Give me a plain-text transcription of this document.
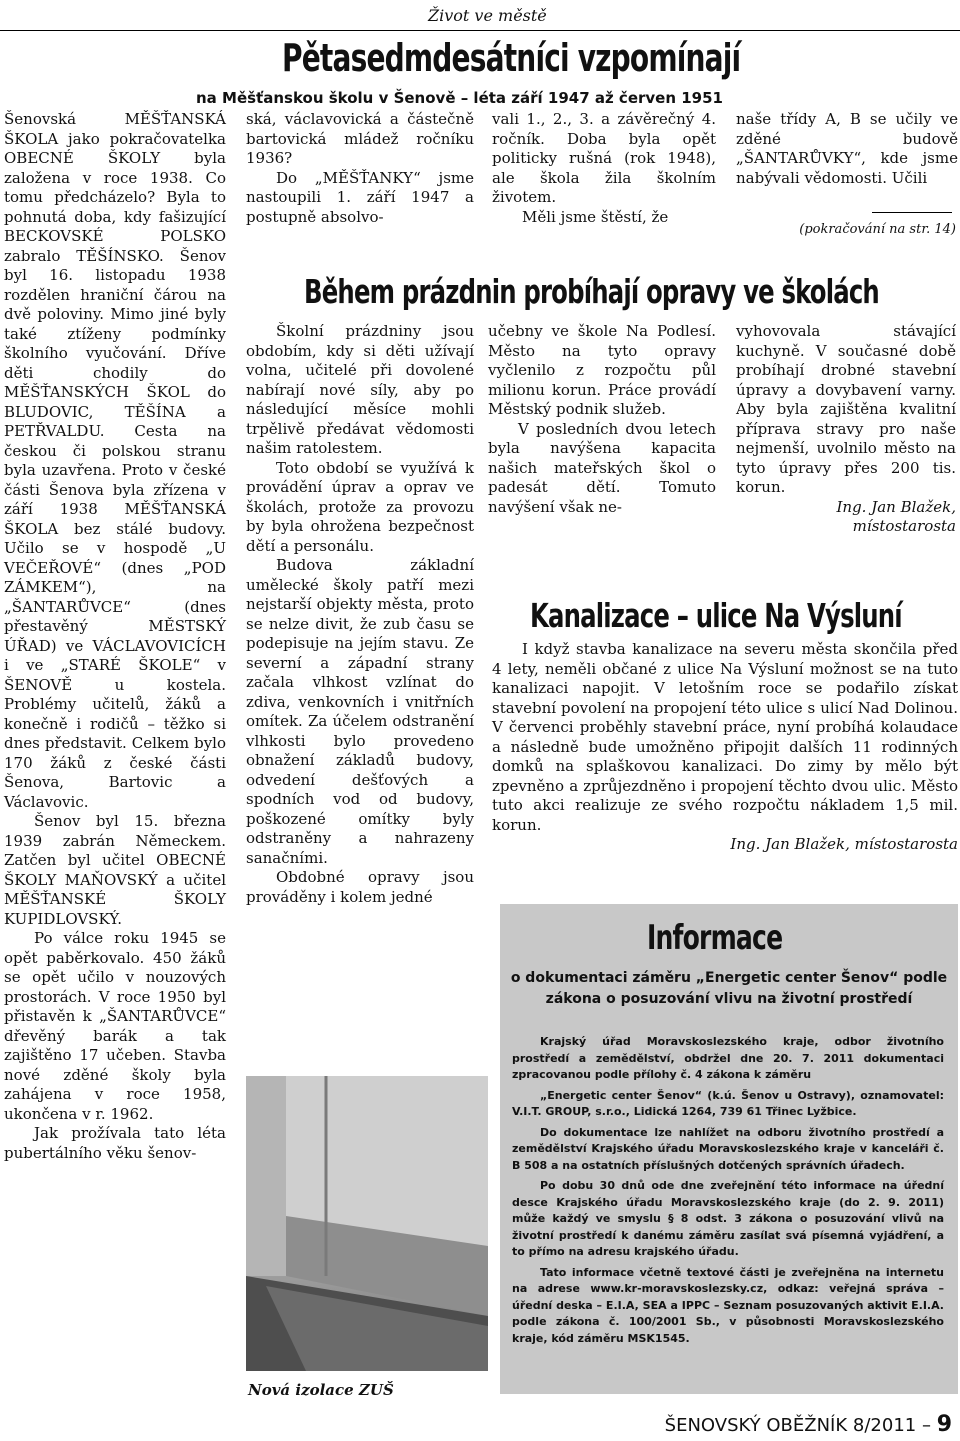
Život ve městě
Pětasedmdesátníci vzpomínají
na Měšťanskou školu v Šenově – léta září 1947 až červen 1951

Šenovská MĚŠŤANSKÁ ŠKOLA jako pokračovatelka OBECNÉ ŠKOLY byla založena v roce 1938. Co tomu předcházelo? Byla to pohnutá doba, kdy fašizující BECKOVSKÉ POLSKO zabralo TĚŠÍNSKO. Šenov byl 16. listopadu 1938 rozdělen hraniční čárou na dvě poloviny. Mimo jiné byly také ztíženy podmínky školního vyučování. Dříve děti chodily do MĚŠŤANSKÝCH ŠKOL do BLUDOVIC, TĚŠÍNA a PETŘVALDU. Cesta na českou či polskou stranu byla uzavřena. Proto v české části Šenova byla zřízena v září 1938 MĚŠŤANSKÁ ŠKOLA bez stálé budovy. Učilo se v hospodě „U VEČEŘOVÉ“ (dnes „POD ZÁMKEM“), na „ŠANTARŮVCE“ (dnes přestavěný MĚSTSKÝ ÚŘAD) ve VÁCLAVOVICÍCH i ve „STARÉ ŠKOLE“ v ŠENOVĚ u kostela. Problémy učitelů, žáků a konečně i rodičů – těžko si dnes představit. Celkem bylo 170 žáků z české části Šenova, Bartovic a Václavovic.

Šenov byl 15. března 1939 zabrán Německem. Zatčen byl učitel OBECNÉ ŠKOLY MAŇOVSKÝ a učitel MĚŠŤANSKÉ ŠKOLY KUPIDLOVSKÝ.

Po válce roku 1945 se opět paběrkovalo. 450 žáků se opět učilo v nouzových prostorách. V roce 1950 byl přistavěn k „ŠANTARŮVCE“ dřevěný barák a tak zajištěno 17 učeben. Stavba nové zděné školy byla zahájena v roce 1958, ukončena v r. 1962.

Jak prožívala tato léta pubertálního věku šenov-

ská, václavovická a částečně bartovická mládež ročníku 1936?

Do „MĚŠŤANKY“ jsme nastoupili 1. září 1947 a postupně absolvo-

vali 1., 2., 3. a závěrečný 4. ročník. Doba byla opět politicky rušná (rok 1948), ale škola žila školním životem.

Měli jsme štěstí, že

naše třídy A, B se učily ve zděné budově „ŠANTARŮVKY“, kde jsme nabývali vědomosti. Učili

(pokračování na str. 14)
Během prázdnin probíhají opravy ve školách

Školní prázdniny jsou obdobím, kdy si děti užívají volna, učitelé při dovolené nabírají nové síly, aby po následující měsíce mohli trpělivě předávat vědomosti našim ratolestem.

Toto období se využívá k provádění úprav a oprav ve školách, protože za provozu by byla ohrožena bezpečnost dětí a personálu.

Budova základní umělecké školy patří mezi nejstarší objekty města, proto se nelze divit, že zub času se podepisuje na jejím stavu. Ze severní a západní strany začala vlhkost vzlínat do zdiva, venkovních i vnitřních omítek. Za účelem odstranění vlhkosti bylo provedeno obnažení základů budovy, odvedení dešťových a spodních vod od budovy, poškozené omítky byly odstraněny a nahrazeny sanačními.

Obdobné opravy jsou prováděny i kolem jedné

učebny ve škole Na Podlesí. Město na tyto opravy vyčlenilo z rozpočtu půl milionu korun. Práce provádí Městský podnik služeb.

V posledních dvou letech byla navýšena kapacita našich mateřských škol o padesát dětí. Tomuto navýšení však ne-

vyhovovala stávající kuchyně. V současné době probíhají drobné stavební úpravy a dovybavení varny. Aby byla zajištěna kvalitní příprava stravy pro naše nejmenší, uvolnilo město na tyto úpravy přes 200 tis. korun.

Ing. Jan Blažek,

místostarosta

Nová izolace ZUŠ
Kanalizace – ulice Na Výsluní

I když stavba kanalizace na severu města skončila před 4 lety, neměli občané z ulice Na Výsluní možnost se na tuto kanalizaci napojit. V letošním roce se podařilo získat stavební povolení na propojení této ulice s ulicí Nad Dolinou. V červenci proběhly stavební práce, nyní probíhá kolaudace a následně bude umožněno připojit dalších 11 rodinných domků na splaškovou kanalizaci. Do zimy by mělo být zpevněno a zprůjezdněno i propojení těchto dvou ulic. Město tuto akci realizuje ze svého rozpočtu nákladem 1,5 mil. korun.

Ing. Jan Blažek, místostarosta

Informace
o dokumentaci záměru „Energetic center Šenov“ podle zákona o posuzování vlivu na životní prostředí

Krajský úřad Moravskoslezského kraje, odbor životního prostředí a zemědělství, obdržel dne 20. 7. 2011 dokumentaci zpracovanou podle přílohy č. 4 zákona k záměru

„Energetic center Šenov“ (k.ú. Šenov u Ostravy), oznamovatel: V.I.T. GROUP, s.r.o., Lidická 1264, 739 61 Třinec Lyžbice.

Do dokumentace lze nahlížet na odboru životního prostředí a zemědělství Krajského úřadu Moravskoslezského kraje v kanceláři č. B 508 a na ostatních příslušných dotčených správních úřadech.

Po dobu 30 dnů ode dne zveřejnění této informace na úřední desce Krajského úřadu Moravskoslezského kraje (do 2. 9. 2011) může každý ve smyslu § 8 odst. 3 zákona o posuzování vlivů na životní prostředí k danému záměru zasílat svá písemná vyjádření, a to přímo na adresu krajského úřadu.

Tato informace včetně textové části je zveřejněna na internetu na adrese www.kr-moravskoslezsky.cz, odkaz: veřejná správa – úřední deska – E.I.A, SEA a IPPC – Seznam posuzovaných aktivit E.I.A. podle zákona č. 100/2001 Sb., v působnosti Moravskoslezského kraje, kód záměru MSK1545.

ŠENOVSKÝ OBĚŽNÍK 8/2011 – 9
